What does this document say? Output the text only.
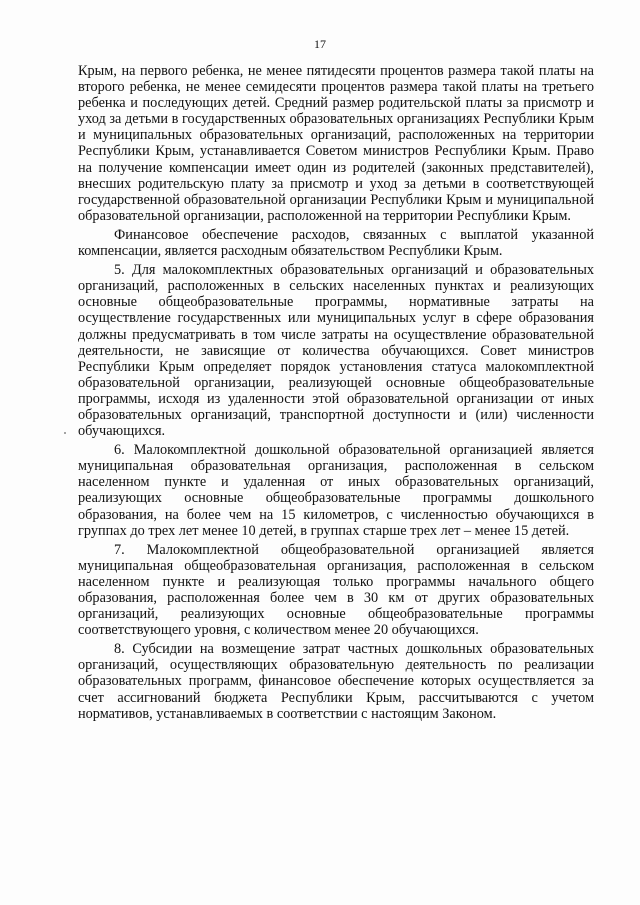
17

Крым, на первого ребенка, не менее пятидесяти процентов размера такой платы на второго ребенка, не менее семидесяти процентов размера такой платы на третьего ребенка и последующих детей. Средний размер родительской платы за присмотр и уход за детьми в государственных образовательных организациях Республики Крым и муниципальных образовательных организаций, расположенных на территории Республики Крым, устанавливается Советом министров Республики Крым. Право на получение компенсации имеет один из родителей (законных представителей), внесших родительскую плату за присмотр и уход за детьми в соответствующей государственной образовательной организации Республики Крым и муниципальной образовательной организации, расположенной на территории Республики Крым.

Финансовое обеспечение расходов, связанных с выплатой указанной компенсации, является расходным обязательством Республики Крым.

5. Для малокомплектных образовательных организаций и образовательных организаций, расположенных в сельских населенных пунктах и реализующих основные общеобразовательные программы, нормативные затраты на осуществление государственных или муниципальных услуг в сфере образования должны предусматривать в том числе затраты на осуществление образовательной деятельности, не зависящие от количества обучающихся. Совет министров Республики Крым определяет порядок установления статуса малокомплектной образовательной организации, реализующей основные общеобразовательные программы, исходя из удаленности этой образовательной организации от иных образовательных организаций, транспортной доступности и (или) численности обучающихся.

6. Малокомплектной дошкольной образовательной организацией является муниципальная образовательная организация, расположенная в сельском населенном пункте и удаленная от иных образовательных организаций, реализующих основные общеобразовательные программы дошкольного образования, на более чем на 15 километров, с численностью обучающихся в группах до трех лет менее 10 детей, в группах старше трех лет – менее 15 детей.

7. Малокомплектной общеобразовательной организацией является муниципальная общеобразовательная организация, расположенная в сельском населенном пункте и реализующая только программы начального общего образования, расположенная более чем в 30 км от других образовательных организаций, реализующих основные общеобразовательные программы соответствующего уровня, с количеством менее 20 обучающихся.

8. Субсидии на возмещение затрат частных дошкольных образовательных организаций, осуществляющих образовательную деятельность по реализации образовательных программ, финансовое обеспечение которых осуществляется за счет ассигнований бюджета Республики Крым, рассчитываются с учетом нормативов, устанавливаемых в соответствии с настоящим Законом.
